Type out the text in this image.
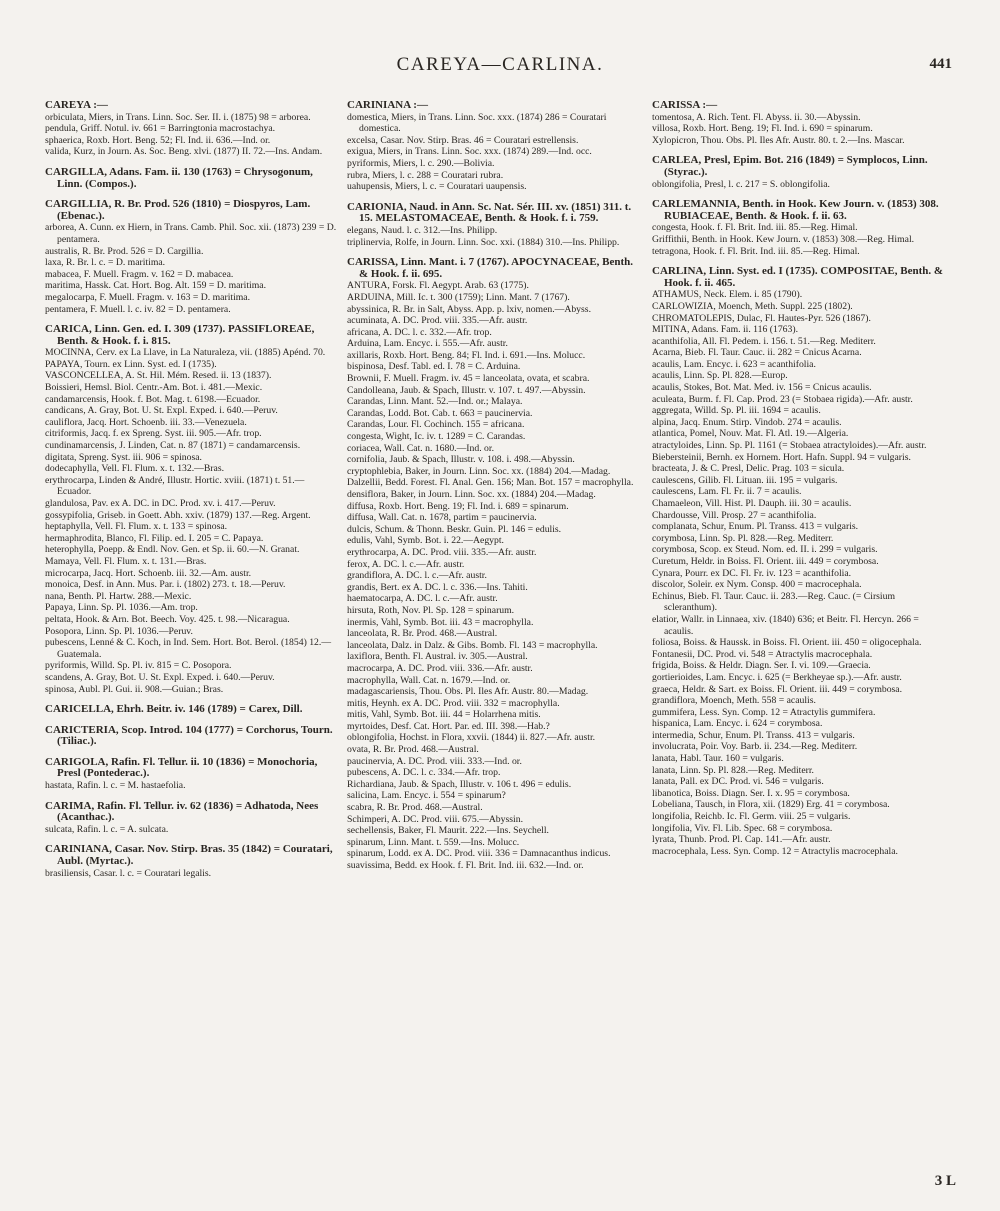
CAREYA—CARLINA.	441
CAREYA :—
orbiculata, Miers, in Trans. Linn. Soc. Ser. II. i. (1875) 98 = arborea.
pendula, Griff. Notul. iv. 661 = Barringtonia macrostachya.
sphaerica, Roxb. Hort. Beng. 52; Fl. Ind. ii. 636.—Ind. or.
valida, Kurz, in Journ. As. Soc. Beng. xlvi. (1877) II. 72.—Ins. Andam.
CARGILLA, Adans. Fam. ii. 130 (1763) = Chrysogonum, Linn. (Compos.).
CARGILLIA, R. Br. Prod. 526 (1810) = Diospyros, Lam. (Ebenac.).
arborea, A. Cunn. ex Hiern, in Trans. Camb. Phil. Soc. xii. (1873) 239 = D. pentamera.
australis, R. Br. Prod. 526 = D. Cargillia.
laxa, R. Br. l. c. = D. maritima.
mabacea, F. Muell. Fragm. v. 162 = D. mabacea.
maritima, Hassk. Cat. Hort. Bog. Alt. 159 = D. maritima.
megalocarpa, F. Muell. Fragm. v. 163 = D. maritima.
pentamera, F. Muell. l. c. iv. 82 = D. pentamera.
CARICA, Linn. Gen. ed. I. 309 (1737). PASSIFLOREAE, Benth. & Hook. f. i. 815.
MOCINNA, Cerv. ex La Llave, in La Naturaleza, vii. (1885) Apénd. 70.
PAPAYA, Tourn. ex Linn. Syst. ed. I (1735).
VASCONCELLEA, A. St. Hil. Mém. Resed. ii. 13 (1837).
Boissieri, Hemsl. Biol. Centr.-Am. Bot. i. 481.—Mexic.
candamarcensis, Hook. f. Bot. Mag. t. 6198.—Ecuador.
candicans, A. Gray, Bot. U. St. Expl. Exped. i. 640.—Peruv.
cauliflora, Jacq. Hort. Schoenb. iii. 33.—Venezuela.
citriformis, Jacq. f. ex Spreng. Syst. iii. 905.—Afr. trop.
cundinamarcensis, J. Linden, Cat. n. 87 (1871) = candamarcensis.
digitata, Spreng. Syst. iii. 906 = spinosa.
dodecaphylla, Vell. Fl. Flum. x. t. 132.—Bras.
erythrocarpa, Linden & André, Illustr. Hortic. xviii. (1871) t. 51.—Ecuador.
glandulosa, Pav. ex A. DC. in DC. Prod. xv. i. 417.—Peruv.
gossypifolia, Griseb. in Goett. Abh. xxiv. (1879) 137.—Reg. Argent.
heptaphylla, Vell. Fl. Flum. x. t. 133 = spinosa.
hermaphrodita, Blanco, Fl. Filip. ed. I. 205 = C. Papaya.
heterophylla, Poepp. & Endl. Nov. Gen. et Sp. ii. 60.—N. Granat.
Mamaya, Vell. Fl. Flum. x. t. 131.—Bras.
microcarpa, Jacq. Hort. Schoenb. iii. 32.—Am. austr.
monoica, Desf. in Ann. Mus. Par. i. (1802) 273. t. 18.—Peruv.
nana, Benth. Pl. Hartw. 288.—Mexic.
Papaya, Linn. Sp. Pl. 1036.—Am. trop.
peltata, Hook. & Arn. Bot. Beech. Voy. 425. t. 98.—Nicaragua.
Posopora, Linn. Sp. Pl. 1036.—Peruv.
pubescens, Lenné & C. Koch, in Ind. Sem. Hort. Bot. Berol. (1854) 12.—Guatemala.
pyriformis, Willd. Sp. Pl. iv. 815 = C. Posopora.
scandens, A. Gray, Bot. U. St. Expl. Exped. i. 640.—Peruv.
spinosa, Aubl. Pl. Gui. ii. 908.—Guian.; Bras.
CARICELLA, Ehrh. Beitr. iv. 146 (1789) = Carex, Dill.
CARICTERIA, Scop. Introd. 104 (1777) = Corchorus, Tourn. (Tiliac.).
CARIGOLA, Rafin. Fl. Tellur. ii. 10 (1836) = Monochoria, Presl (Pontederac.).
hastata, Rafin. l. c. = M. hastaefolia.
CARIMA, Rafin. Fl. Tellur. iv. 62 (1836) = Adhatoda, Nees (Acanthac.).
sulcata, Rafin. l. c. = A. sulcata.
CARINIANA, Casar. Nov. Stirp. Bras. 35 (1842) = Couratari, Aubl. (Myrtac.).
brasiliensis, Casar. l. c. = Couratari legalis.
CARINIANA :—
domestica, Miers, in Trans. Linn. Soc. xxx. (1874) 286 = Couratari domestica.
excelsa, Casar. Nov. Stirp. Bras. 46 = Couratari estrellensis.
exigua, Miers, in Trans. Linn. Soc. xxx. (1874) 289.—Ind. occ.
pyriformis, Miers, l. c. 290.—Bolivia.
rubra, Miers, l. c. 288 = Couratari rubra.
uahupensis, Miers, l. c. = Couratari uaupensis.
CARIONIA, Naud. in Ann. Sc. Nat. Sér. III. xv. (1851) 311. t. 15. MELASTOMACEAE, Benth. & Hook. f. i. 759.
elegans, Naud. l. c. 312.—Ins. Philipp.
triplinervia, Rolfe, in Journ. Linn. Soc. xxi. (1884) 310.—Ins. Philipp.
CARISSA, Linn. Mant. i. 7 (1767). APOCYNACEAE, Benth. & Hook. f. ii. 695.
ANTURA, Forsk. Fl. Aegypt. Arab. 63 (1775).
ARDUINA, Mill. Ic. t. 300 (1759); Linn. Mant. 7 (1767).
abyssinica, R. Br. in Salt, Abyss. App. p. lxiv, nomen.—Abyss.
acuminata, A. DC. Prod. viii. 335.—Afr. austr.
africana, A. DC. l. c. 332.—Afr. trop.
Arduina, Lam. Encyc. i. 555.—Afr. austr.
axillaris, Roxb. Hort. Beng. 84; Fl. Ind. i. 691.—Ins. Molucc.
bispinosa, Desf. Tabl. ed. I. 78 = C. Arduina.
Brownii, F. Muell. Fragm. iv. 45 = lanceolata, ovata, et scabra.
Candolleana, Jaub. & Spach, Illustr. v. 107. t. 497.—Abyssin.
Carandas, Linn. Mant. 52.—Ind. or.; Malaya.
Carandas, Lodd. Bot. Cab. t. 663 = paucinervia.
Carandas, Lour. Fl. Cochinch. 155 = africana.
congesta, Wight, Ic. iv. t. 1289 = C. Carandas.
coriacea, Wall. Cat. n. 1680.—Ind. or.
cornifolia, Jaub. & Spach, Illustr. v. 108. i. 498.—Abyssin.
cryptophlebia, Baker, in Journ. Linn. Soc. xx. (1884) 204.—Madag.
Dalzellii, Bedd. Forest. Fl. Anal. Gen. 156; Man. Bot. 157 = macrophylla.
densiflora, Baker, in Journ. Linn. Soc. xx. (1884) 204.—Madag.
diffusa, Roxb. Hort. Beng. 19; Fl. Ind. i. 689 = spinarum.
diffusa, Wall. Cat. n. 1678, partim = paucinervia.
dulcis, Schum. & Thonn. Beskr. Guin. Pl. 146 = edulis.
edulis, Vahl, Symb. Bot. i. 22.—Aegypt.
erythrocarpa, A. DC. Prod. viii. 335.—Afr. austr.
ferox, A. DC. l. c.—Afr. austr.
grandiflora, A. DC. l. c.—Afr. austr.
grandis, Bert. ex A. DC. l. c. 336.—Ins. Tahiti.
haematocarpa, A. DC. l. c.—Afr. austr.
hirsuta, Roth, Nov. Pl. Sp. 128 = spinarum.
inermis, Vahl, Symb. Bot. iii. 43 = macrophylla.
lanceolata, R. Br. Prod. 468.—Austral.
lanceolata, Dalz. in Dalz. & Gibs. Bomb. Fl. 143 = macrophylla.
laxiflora, Benth. Fl. Austral. iv. 305.—Austral.
macrocarpa, A. DC. Prod. viii. 336.—Afr. austr.
macrophylla, Wall. Cat. n. 1679.—Ind. or.
madagascariensis, Thou. Obs. Pl. Iles Afr. Austr. 80.—Madag.
mitis, Heynh. ex A. DC. Prod. viii. 332 = macrophylla.
mitis, Vahl, Symb. Bot. iii. 44 = Holarrhena mitis.
myrtoides, Desf. Cat. Hort. Par. ed. III. 398.—Hab.?
oblongifolia, Hochst. in Flora, xxvii. (1844) ii. 827.—Afr. austr.
ovata, R. Br. Prod. 468.—Austral.
paucinervia, A. DC. Prod. viii. 333.—Ind. or.
pubescens, A. DC. l. c. 334.—Afr. trop.
Richardiana, Jaub. & Spach, Illustr. v. 106 t. 496 = edulis.
salicina, Lam. Encyc. i. 554 = spinarum?
scabra, R. Br. Prod. 468.—Austral.
Schimperi, A. DC. Prod. viii. 675.—Abyssin.
sechellensis, Baker, Fl. Maurit. 222.—Ins. Seychell.
spinarum, Linn. Mant. t. 559.—Ins. Molucc.
spinarum, Lodd. ex A. DC. Prod. viii. 336 = Damnacanthus indicus.
suavissima, Bedd. ex Hook. f. Fl. Brit. Ind. iii. 632.—Ind. or.
CARISSA :—
tomentosa, A. Rich. Tent. Fl. Abyss. ii. 30.—Abyssin.
villosa, Roxb. Hort. Beng. 19; Fl. Ind. i. 690 = spinarum.
Xylopicron, Thou. Obs. Pl. Iles Afr. Austr. 80. t. 2.—Ins. Mascar.
CARLEA, Presl, Epim. Bot. 216 (1849) = Symplocos, Linn. (Styrac.).
oblongifolia, Presl, l. c. 217 = S. oblongifolia.
CARLEMANNIA, Benth. in Hook. Kew Journ. v. (1853) 308. RUBIACEAE, Benth. & Hook. f. ii. 63.
congesta, Hook. f. Fl. Brit. Ind. iii. 85.—Reg. Himal.
Griffithii, Benth. in Hook. Kew Journ. v. (1853) 308.—Reg. Himal.
tetragona, Hook. f. Fl. Brit. Ind. iii. 85.—Reg. Himal.
CARLINA, Linn. Syst. ed. I (1735). COMPOSITAE, Benth. & Hook. f. ii. 465.
ATHAMUS, Neck. Elem. i. 85 (1790).
CARLOWIZIA, Moench, Meth. Suppl. 225 (1802).
CHROMATOLEPIS, Dulac, Fl. Hautes-Pyr. 526 (1867).
MITINA, Adans. Fam. ii. 116 (1763).
acanthifolia, All. Fl. Pedem. i. 156. t. 51.—Reg. Mediterr.
Acarna, Bieb. Fl. Taur. Cauc. ii. 282 = Cnicus Acarna.
acaulis, Lam. Encyc. i. 623 = acanthifolia.
acaulis, Linn. Sp. Pl. 828.—Europ.
acaulis, Stokes, Bot. Mat. Med. iv. 156 = Cnicus acaulis.
aculeata, Burm. f. Fl. Cap. Prod. 23 (= Stobaea rigida).—Afr. austr.
aggregata, Willd. Sp. Pl. iii. 1694 = acaulis.
alpina, Jacq. Enum. Stirp. Vindob. 274 = acaulis.
atlantica, Pomel, Nouv. Mat. Fl. Atl. 19.—Algeria.
atractyloides, Linn. Sp. Pl. 1161 (= Stobaea atractyloides).—Afr. austr.
Biebersteinii, Bernh. ex Hornem. Hort. Hafn. Suppl. 94 = vulgaris.
bracteata, J. & C. Presl, Delic. Prag. 103 = sicula.
caulescens, Gilib. Fl. Lituan. iii. 195 = vulgaris.
caulescens, Lam. Fl. Fr. ii. 7 = acaulis.
Chamaeleon, Vill. Hist. Pl. Dauph. iii. 30 = acaulis.
Chardousse, Vill. Prosp. 27 = acanthifolia.
complanata, Schur, Enum. Pl. Transs. 413 = vulgaris.
corymbosa, Linn. Sp. Pl. 828.—Reg. Mediterr.
corymbosa, Scop. ex Steud. Nom. ed. II. i. 299 = vulgaris.
Curetum, Heldr. in Boiss. Fl. Orient. iii. 449 = corymbosa.
Cynara, Pourr. ex DC. Fl. Fr. iv. 123 = acanthifolia.
discolor, Soleir. ex Nym. Consp. 400 = macrocephala.
Echinus, Bieb. Fl. Taur. Cauc. ii. 283.—Reg. Cauc. (= Cirsium scleranthum).
elatior, Wallr. in Linnaea, xiv. (1840) 636; et Beitr. Fl. Hercyn. 266 = acaulis.
foliosa, Boiss. & Haussk. in Boiss. Fl. Orient. iii. 450 = oligocephala.
Fontanesii, DC. Prod. vi. 548 = Atractylis macrocephala.
frigida, Boiss. & Heldr. Diagn. Ser. I. vi. 109.—Graecia.
gortierioides, Lam. Encyc. i. 625 (= Berkheyae sp.).—Afr. austr.
graeca, Heldr. & Sart. ex Boiss. Fl. Orient. iii. 449 = corymbosa.
grandiflora, Moench, Meth. 558 = acaulis.
gummifera, Less. Syn. Comp. 12 = Atractylis gummifera.
hispanica, Lam. Encyc. i. 624 = corymbosa.
intermedia, Schur, Enum. Pl. Transs. 413 = vulgaris.
involucrata, Poir. Voy. Barb. ii. 234.—Reg. Mediterr.
lanata, Habl. Taur. 160 = vulgaris.
lanata, Linn. Sp. Pl. 828.—Reg. Mediterr.
lanata, Pall. ex DC. Prod. vi. 546 = vulgaris.
libanotica, Boiss. Diagn. Ser. I. x. 95 = corymbosa.
Lobeliana, Tausch, in Flora, xii. (1829) Erg. 41 = corymbosa.
longifolia, Reichb. Ic. Fl. Germ. viii. 25 = vulgaris.
longifolia, Viv. Fl. Lib. Spec. 68 = corymbosa.
lyrata, Thunb. Prod. Pl. Cap. 141.—Afr. austr.
macrocephala, Less. Syn. Comp. 12 = Atractylis macrocephala.
3 L
